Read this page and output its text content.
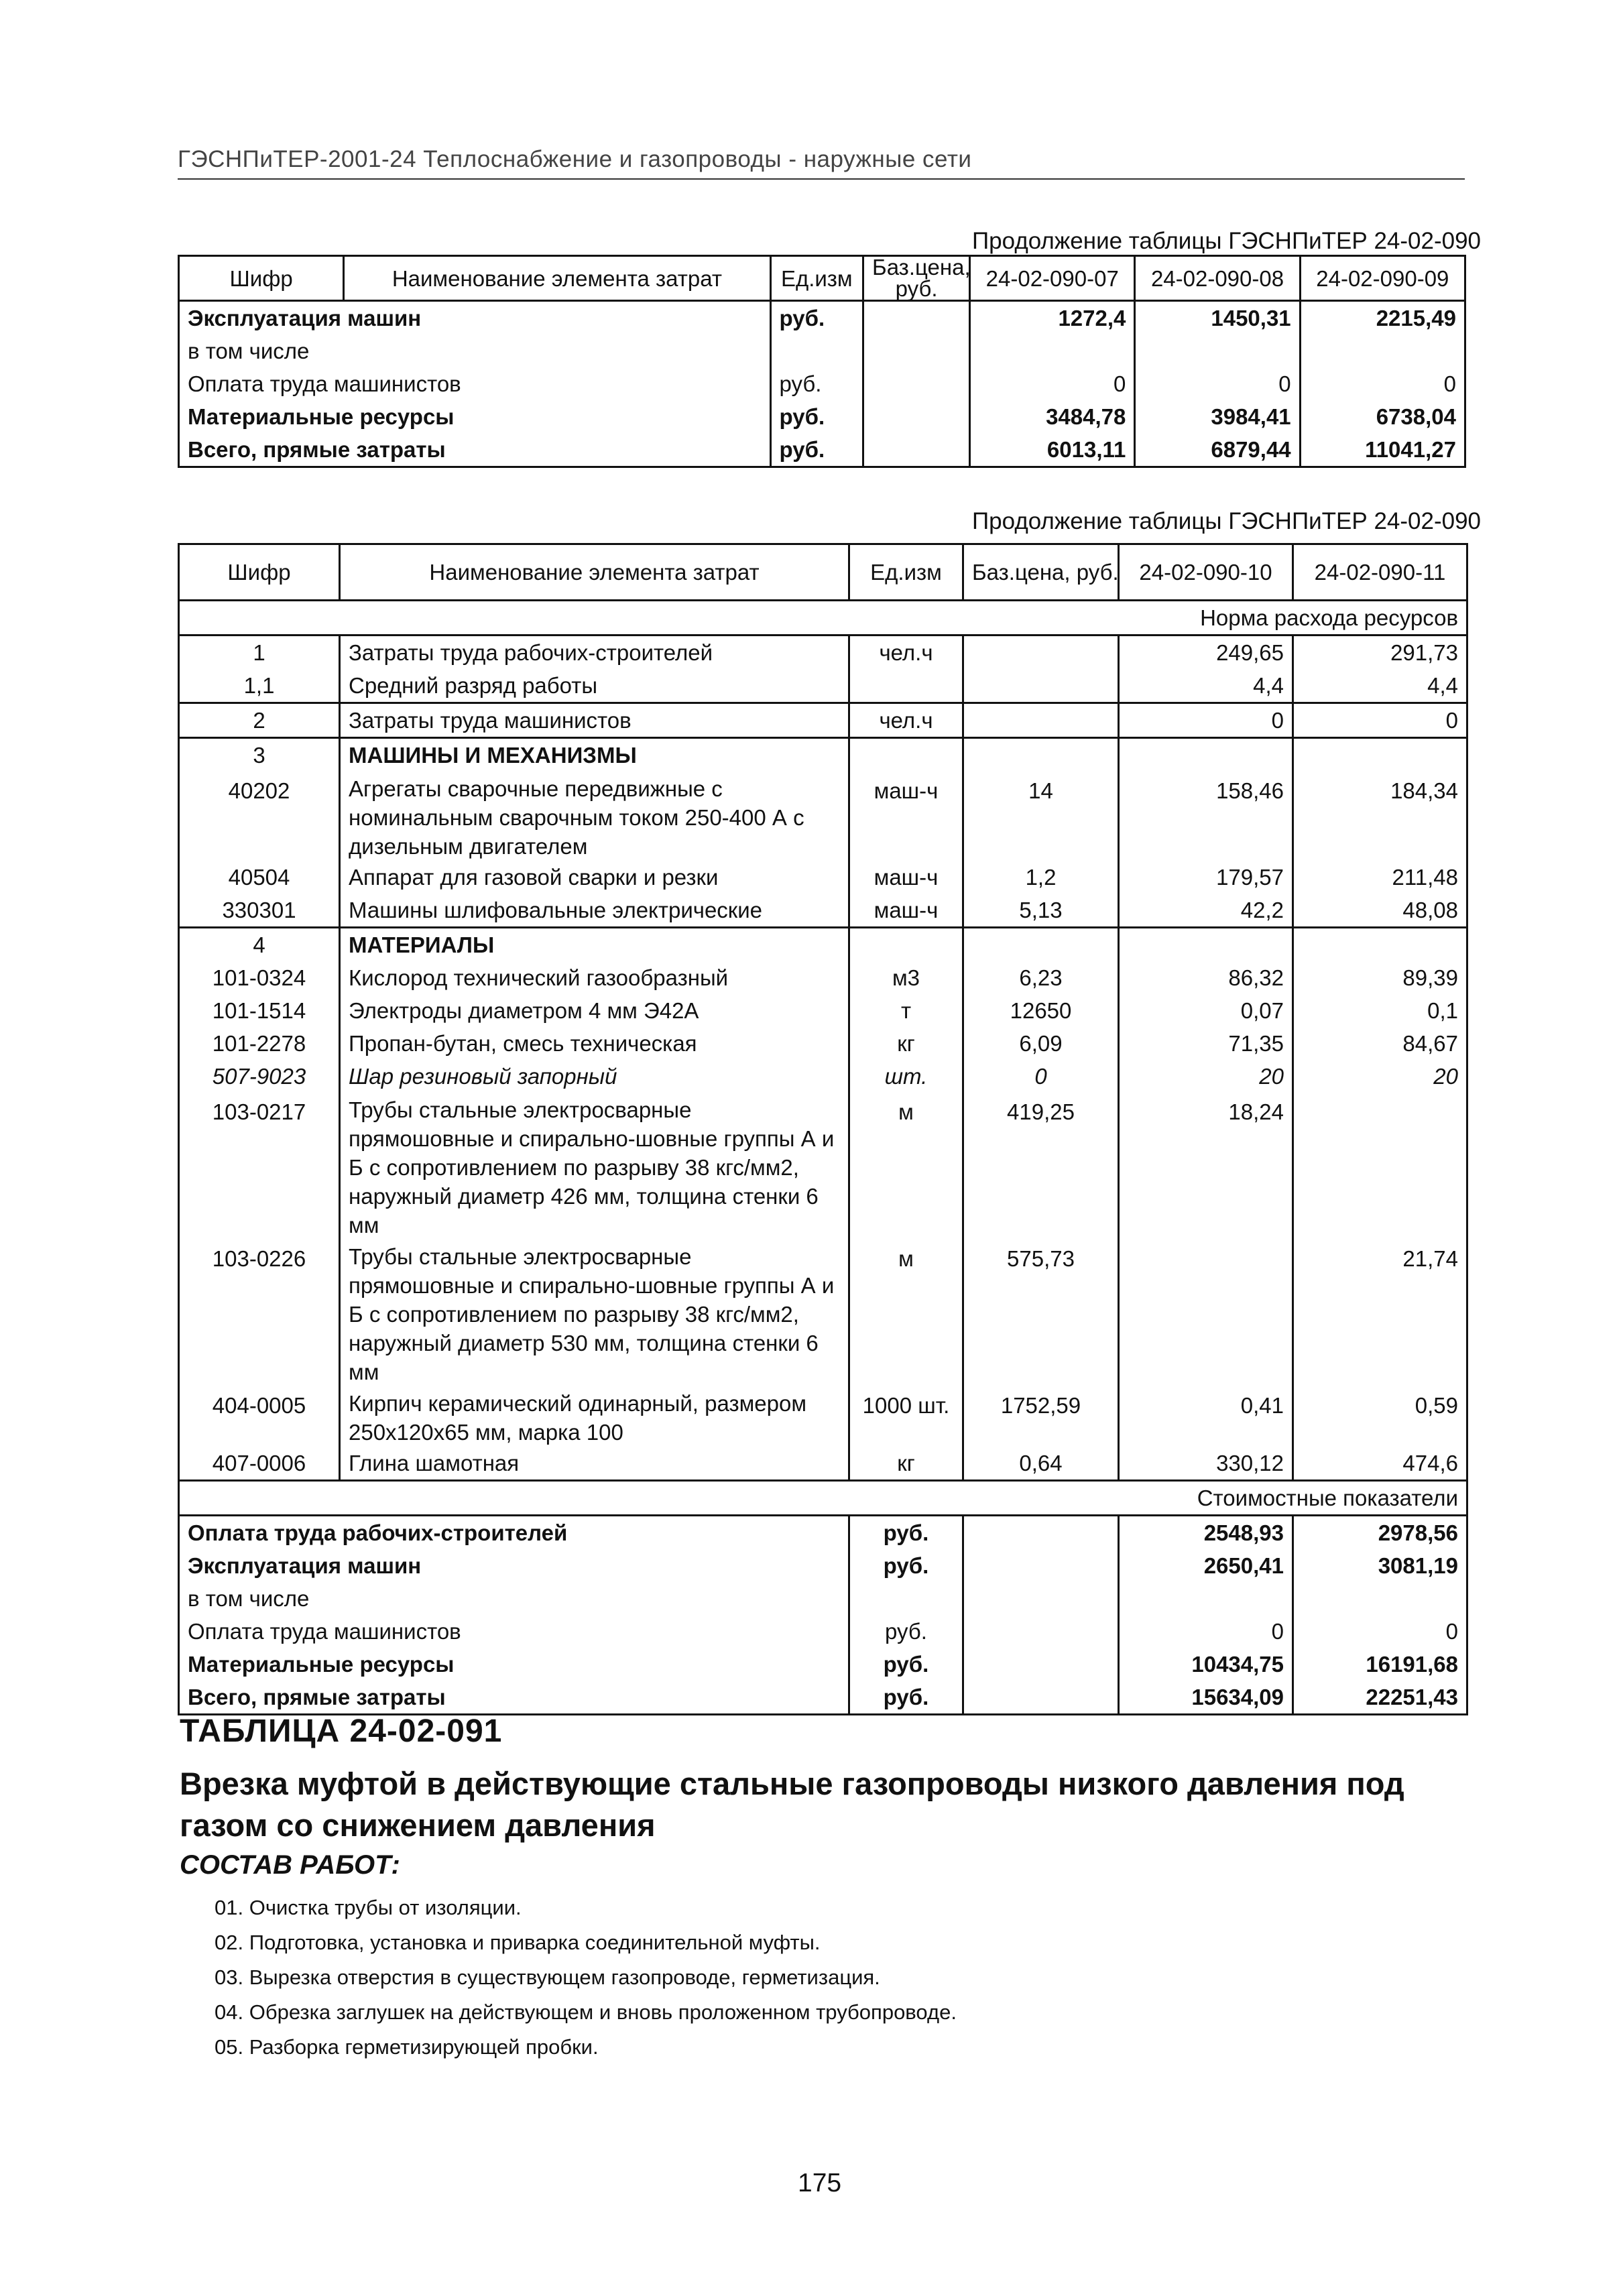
ГЭСНПиТЕР-2001-24 Теплоснабжение и газопроводы - наружные сети
Продолжение таблицы ГЭСНПиТЕР 24-02-090
Шифр	Наименование элемента затрат	Ед.изм	Баз.цена, руб.	24-02-090-07	24-02-090-08	24-02-090-09
Эксплуатация машин		руб.		1272,4	1450,31	2215,49
в том числе						
Оплата труда машинистов		руб.		0	0	0
Материальные ресурсы		руб.		3484,78	3984,41	6738,04
Всего, прямые затраты		руб.		6013,11	6879,44	11041,27
Продолжение таблицы ГЭСНПиТЕР 24-02-090
Шифр	Наименование элемента затрат	Ед.изм	Баз.цена, руб.	24-02-090-10	24-02-090-11
Норма расхода ресурсов					
1	Затраты труда рабочих-строителей	чел.ч		249,65	291,73
1,1	Средний разряд работы			4,4	4,4
2	Затраты труда машинистов	чел.ч		0	0
3	МАШИНЫ И МЕХАНИЗМЫ				
40202	Агрегаты сварочные передвижные с номинальным сварочным током 250-400 А с дизельным двигателем	маш-ч	14	158,46	184,34
40504	Аппарат для газовой сварки и резки	маш-ч	1,2	179,57	211,48
330301	Машины шлифовальные электрические	маш-ч	5,13	42,2	48,08
4	МАТЕРИАЛЫ				
101-0324	Кислород технический газообразный	м3	6,23	86,32	89,39
101-1514	Электроды диаметром 4 мм Э42А	т	12650	0,07	0,1
101-2278	Пропан-бутан, смесь техническая	кг	6,09	71,35	84,67
507-9023	Шар резиновый запорный	шт.	0	20	20
103-0217	Трубы стальные электросварные прямошовные и спирально-шовные группы А и Б с сопротивлением по разрыву 38 кгс/мм2, наружный диаметр 426 мм, толщина стенки 6 мм	м	419,25	18,24	
103-0226	Трубы стальные электросварные прямошовные и спирально-шовные группы А и Б с сопротивлением по разрыву 38 кгс/мм2, наружный диаметр 530 мм, толщина стенки 6 мм	м	575,73		21,74
404-0005	Кирпич керамический одинарный, размером 250x120x65 мм, марка 100	1000 шт.	1752,59	0,41	0,59
407-0006	Глина шамотная	кг	0,64	330,12	474,6
Стоимостные показатели					
Оплата труда рабочих-строителей		руб.		2548,93	2978,56
Эксплуатация машин		руб.		2650,41	3081,19
в том числе					
Оплата труда машинистов		руб.		0	0
Материальные ресурсы		руб.		10434,75	16191,68
Всего, прямые затраты		руб.		15634,09	22251,43
ТАБЛИЦА 24-02-091
Врезка муфтой в действующие стальные газопроводы низкого давления под газом со снижением давления
СОСТАВ РАБОТ:
01. Очистка трубы от изоляции.
02. Подготовка, установка и приварка соединительной муфты.
03. Вырезка отверстия в существующем газопроводе, герметизация.
04. Обрезка заглушек на действующем и вновь проложенном трубопроводе.
05. Разборка герметизирующей пробки.
175
